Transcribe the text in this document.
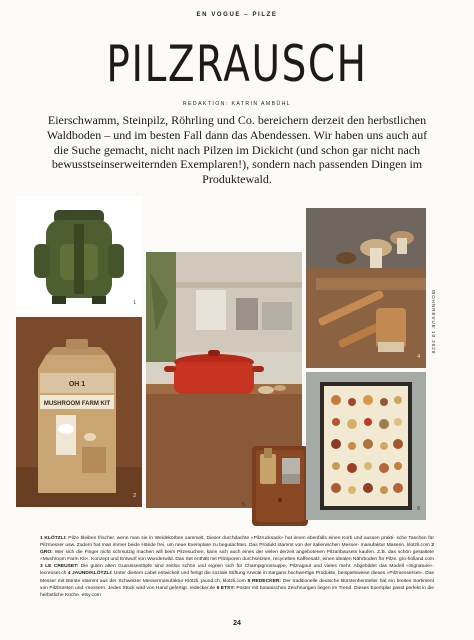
EN VOGUE – PILZE
PILZRAUSCH
REDAKTION: KATRIN AMBÜHL
Eierschwamm, Steinpilz, Röhrling und Co. bereichern derzeit den herbstlichen Waldboden – und im besten Fall dann das Abendessen. Wir haben uns auch auf die Suche gemacht, nicht nach Pilzen im Dickicht (und schon gar nicht nach bewusstseinserweiternden Exemplaren!), sondern nach passenden Dingen im Produktewald.
1
OH 1
MUSHROOM FARM KIT
2
4
5
6
WOHNREVUE 10 2020
1 KLÖTZLI: Pilze bleiben frischer, wenn man sie in Weidekörben sammelt. Dieser durchdachte «Pilzrucksack» hat innen ebenfalls einen Korb und aussen prakti- sche Taschen für Pilzmesser usw. Zudem hat man immer beide Hände frei, um neue Exemplare zu begutachten. Das Produkt stammt von der italienischen Messer- manufaktur Maserin. klotzli.com 2 GRO: Wer sich die Finger nicht schmutzig machen will beim Pilzesuchen, kann sich auch eines der vielen derzeit angebotenen Pilzanbausets kaufen. Z.B. das schön gestaltete «Mushroom Farm Kit». Konzept und Entwurf von Wunderwild. Das Set enthält mit Pilzsporen durchsetzten, recycelten Kaffeesatz, einen idealen Nährboden für Pilze. gro-holland.com 3 LE CREUSET: Die guten alten Gusseisentöpfe sind zeitlos schön und eignen sich für Champignonsuppe, Pilzragout und vieles mehr. Abgebildet das Modell «Signature». lecreuset.ch 4 JAUND/KLÖTZLI: Unter diesem Label entwickelt und fertigt die soziale Stiftung Arwole in Sargans hochwertige Produkte, beispielsweise dieses «Pilzmesserset». Das Messer mit Bürste stammt aus der Schweizer Messermanufaktur Klötzli. jaund.ch, klotzli.com 5 REDECKER: Der traditionelle deutsche Bürstenhersteller hat ein breites Sortiment von Pilzbürsten und -messern. Jedes Stück wird von Hand gefertigt. redecker.de 6 ETSY: Poster mit botanischen Zeichnungen liegen im Trend. Dieses Exemplar passt perfekt in die herbstliche Küche. etsy.com
24
